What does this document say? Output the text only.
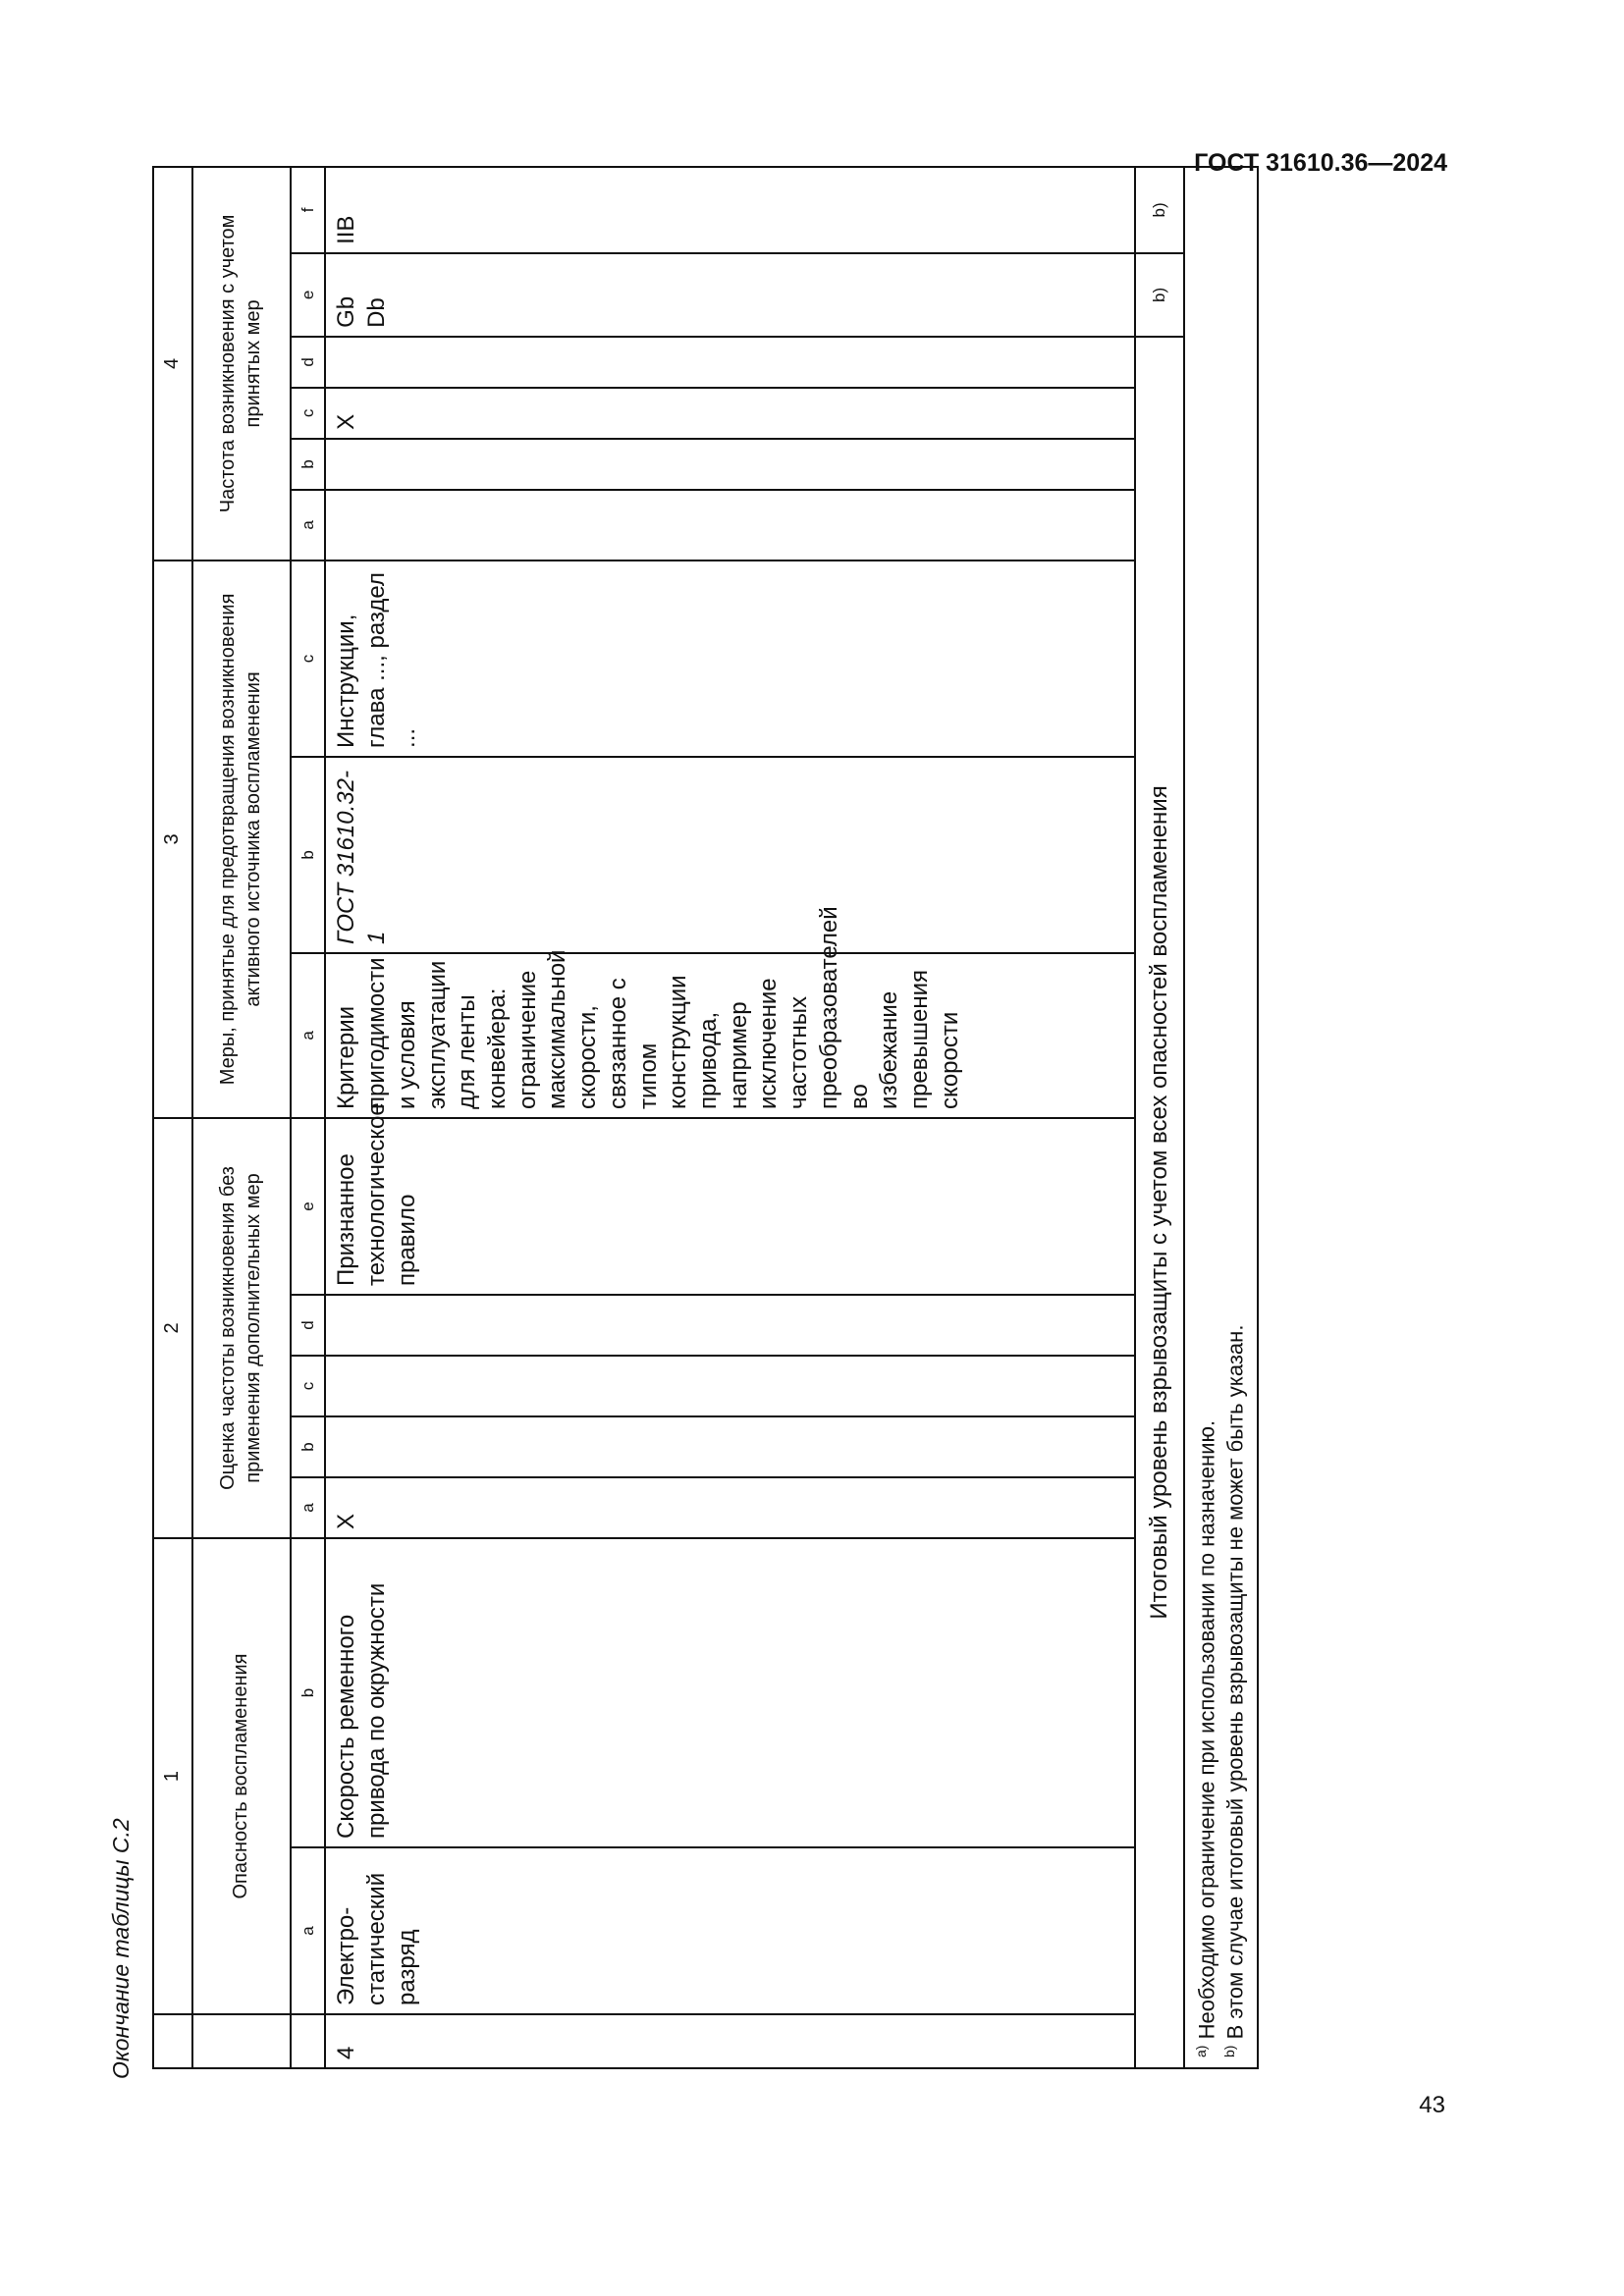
ГОСТ 31610.36—2024
43
Окончание таблицы С.2
	1		2					3			4					
	Опасность воспламенения		Оценка частоты возникновения без применения дополнительных мер					Меры, принятые для предотвращения возникновения активного источника воспламенения			Частота возникновения с учетом принятых мер					
	a	b	a	b	c	d	e	a	b	c	a	b	c	d	e	f
4	Электро-статический разряд	Скорость ременного привода по окружности	X				Признанное технологическое правило	Критерии пригодимости и условия эксплуатации для ленты конвейера: ограничение максимальной скорости, связанное с типом конструкции привода, например исключение частотных преобразователей во избежание превышения скорости	ГОСТ 31610.32-1	Инструкции, глава ..., раздел ...			X		Gb Db	IIB
Итоговый уровень взрывозащиты с учетом всех опасностей воспламенения															b)	b)

$^{a)}$ Необходимо ограничение при использовании по назначению.
$^{b)}$ В этом случае итоговый уровень взрывозащиты не может быть указан.																
